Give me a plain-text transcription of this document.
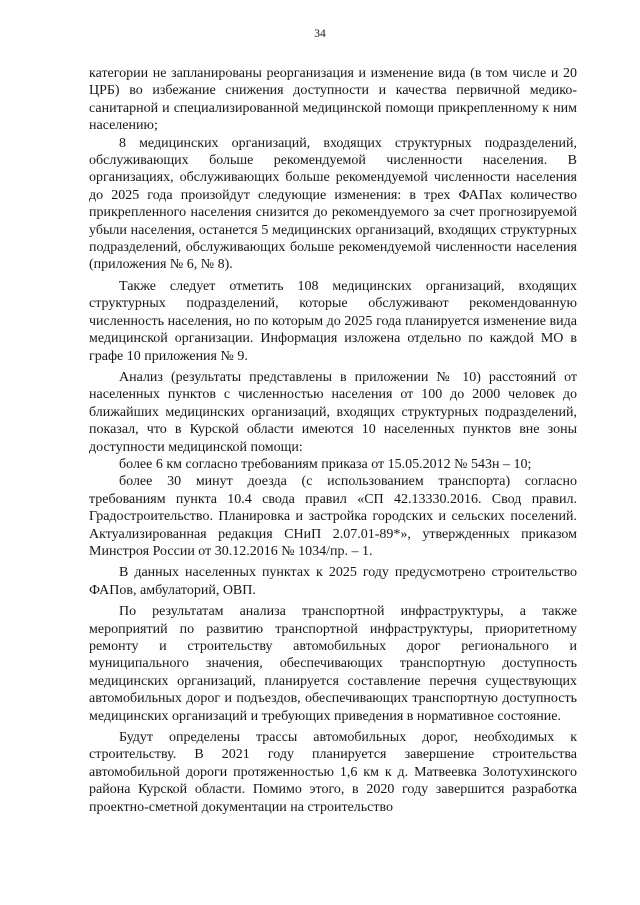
34

категории не запланированы реорганизация и изменение вида (в том числе и 20 ЦРБ) во избежание снижения доступности и качества первичной медико-санитарной и специализированной медицинской помощи прикрепленному к ним населению;

8 медицинских организаций, входящих структурных подразделений, обслуживающих больше рекомендуемой численности населения. В организациях, обслуживающих больше рекомендуемой численности населения до 2025 года произойдут следующие изменения: в трех ФАПах количество прикрепленного населения снизится до рекомендуемого за счет прогнозируемой убыли населения, останется 5 медицинских организаций, входящих структурных подразделений, обслуживающих больше рекомендуемой численности населения (приложения № 6, № 8).

Также следует отметить 108 медицинских организаций, входящих структурных подразделений, которые обслуживают рекомендованную численность населения, но по которым до 2025 года планируется изменение вида медицинской организации. Информация изложена отдельно по каждой МО в графе 10 приложения № 9.

Анализ (результаты представлены в приложении № 10) расстояний от населенных пунктов с численностью населения от 100 до 2000 человек до ближайших медицинских организаций, входящих структурных подразделений, показал, что в Курской области имеются 10 населенных пунктов вне зоны доступности медицинской помощи:

более 6 км согласно требованиям приказа от 15.05.2012 № 543н – 10;

более 30 минут доезда (с использованием транспорта) согласно требованиям пункта 10.4 свода правил «СП 42.13330.2016. Свод правил. Градостроительство. Планировка и застройка городских и сельских поселений. Актуализированная редакция СНиП 2.07.01-89*», утвержденных приказом Минстроя России от 30.12.2016 № 1034/пр. – 1.

В данных населенных пунктах к 2025 году предусмотрено строительство ФАПов, амбулаторий, ОВП.

По результатам анализа транспортной инфраструктуры, а также мероприятий по развитию транспортной инфраструктуры, приоритетному ремонту и строительству автомобильных дорог регионального и муниципального значения, обеспечивающих транспортную доступность медицинских организаций, планируется составление перечня существующих автомобильных дорог и подъездов, обеспечивающих транспортную доступность медицинских организаций и требующих приведения в нормативное состояние.

Будут определены трассы автомобильных дорог, необходимых к строительству. В 2021 году планируется завершение строительства автомобильной дороги протяженностью 1,6 км к д. Матвеевка Золотухинского района Курской области. Помимо этого, в 2020 году завершится разработка проектно-сметной документации на строительство
